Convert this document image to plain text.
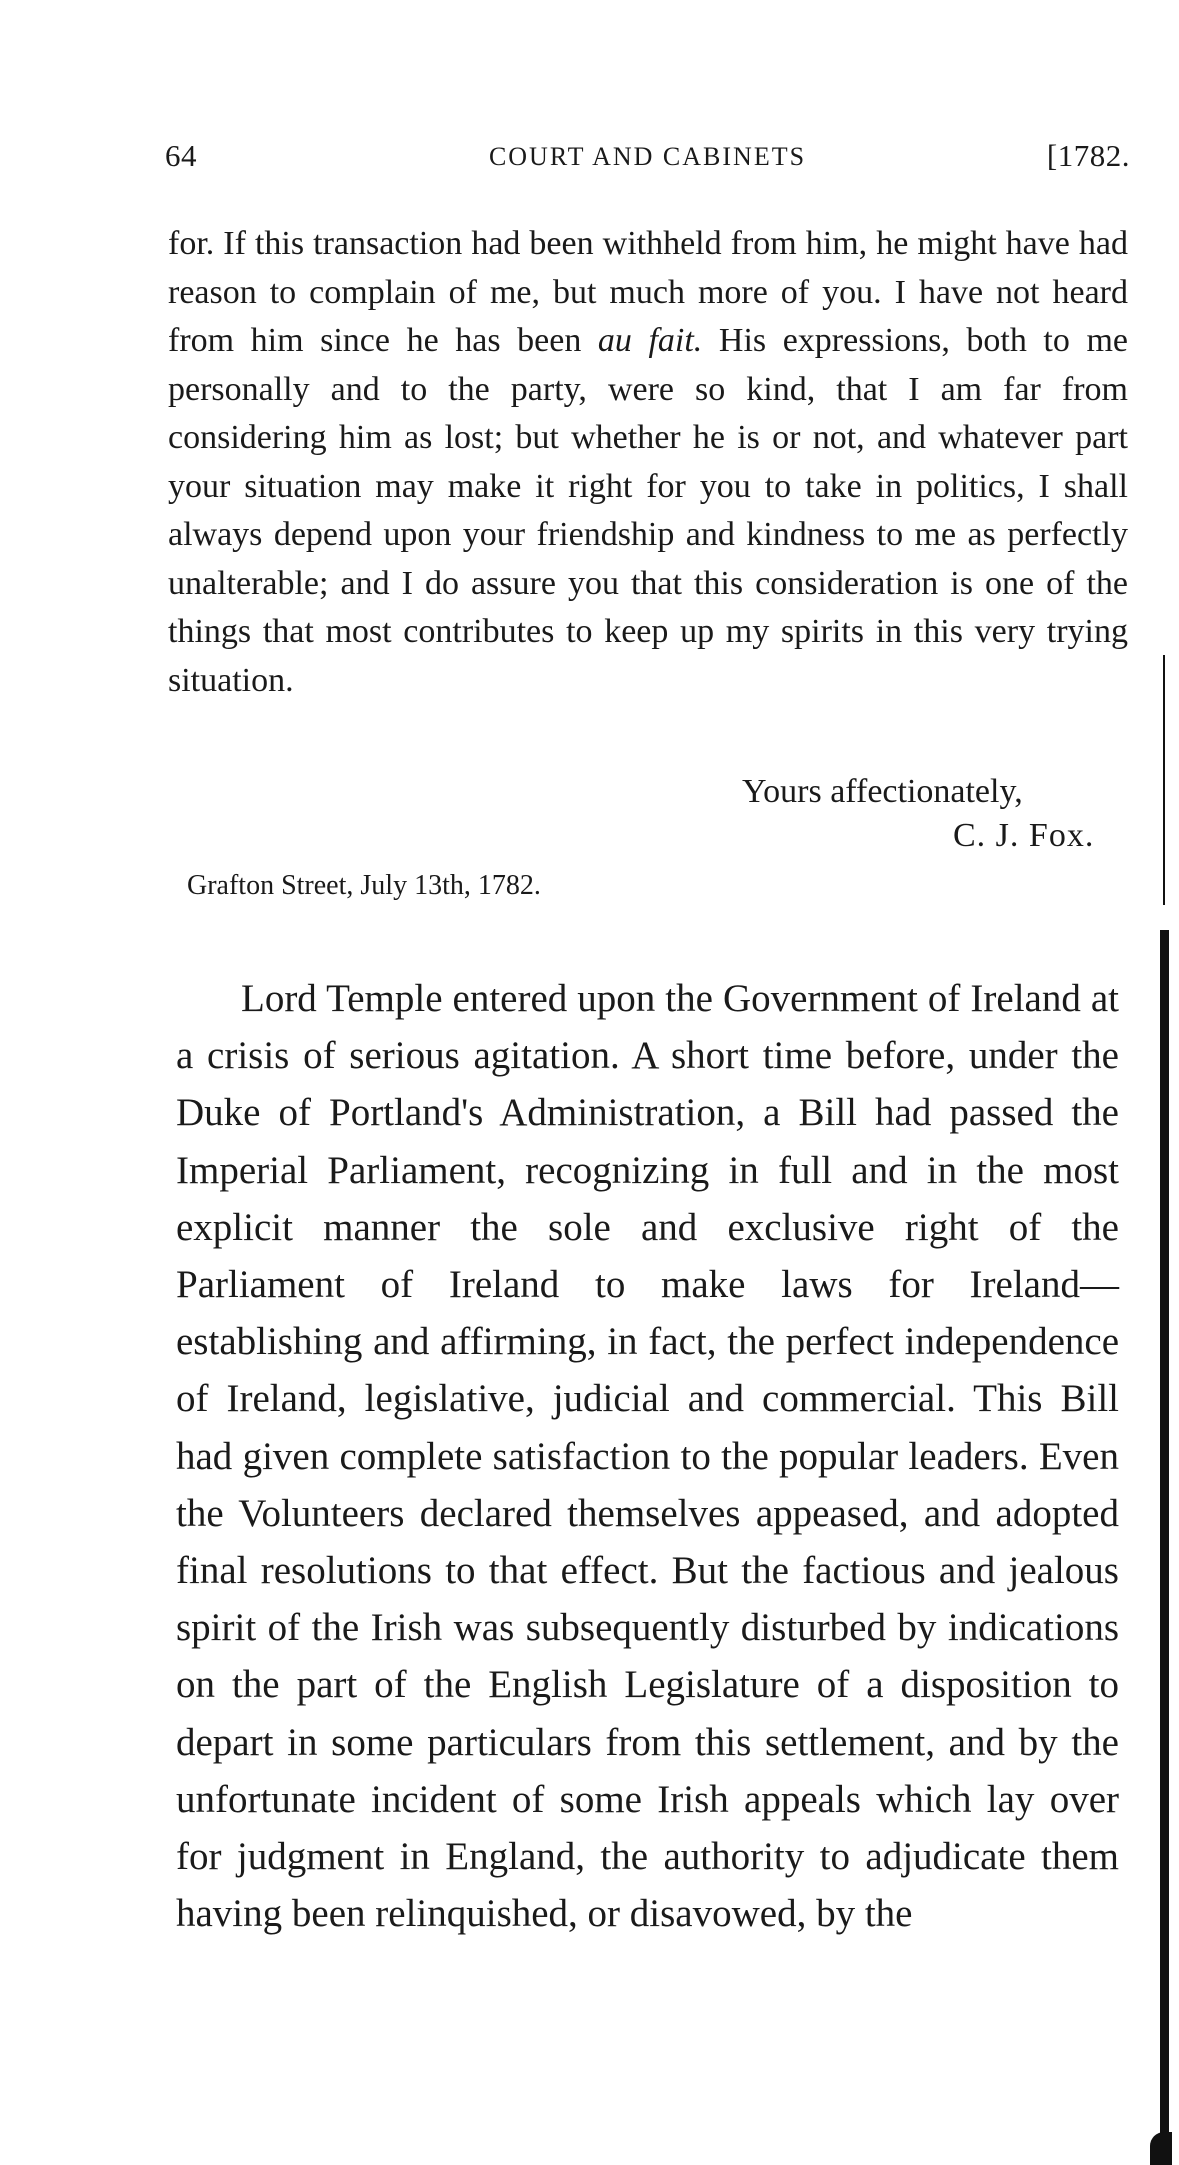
64	COURT AND CABINETS	[1782.

for. If this transaction had been withheld from him, he might have had reason to complain of me, but much more of you. I have not heard from him since he has been au fait. His expressions, both to me personally and to the party, were so kind, that I am far from considering him as lost; but whether he is or not, and whatever part your situation may make it right for you to take in politics, I shall always depend upon your friendship and kindness to me as perfectly unalterable; and I do assure you that this consideration is one of the things that most contributes to keep up my spirits in this very trying situation.

Yours affectionately,
C. J. Fox.
Grafton Street, July 13th, 1782.

Lord Temple entered upon the Government of Ireland at a crisis of serious agitation. A short time before, under the Duke of Portland's Administration, a Bill had passed the Imperial Parliament, recognizing in full and in the most explicit manner the sole and exclusive right of the Parliament of Ireland to make laws for Ireland—establishing and affirming, in fact, the perfect independence of Ireland, legislative, judicial and commercial. This Bill had given complete satisfaction to the popular leaders. Even the Volunteers declared themselves appeased, and adopted final resolutions to that effect. But the factious and jealous spirit of the Irish was subsequently disturbed by indications on the part of the English Legislature of a disposition to depart in some particulars from this settlement, and by the unfortunate incident of some Irish appeals which lay over for judgment in England, the authority to adjudicate them having been relinquished, or disavowed, by the
